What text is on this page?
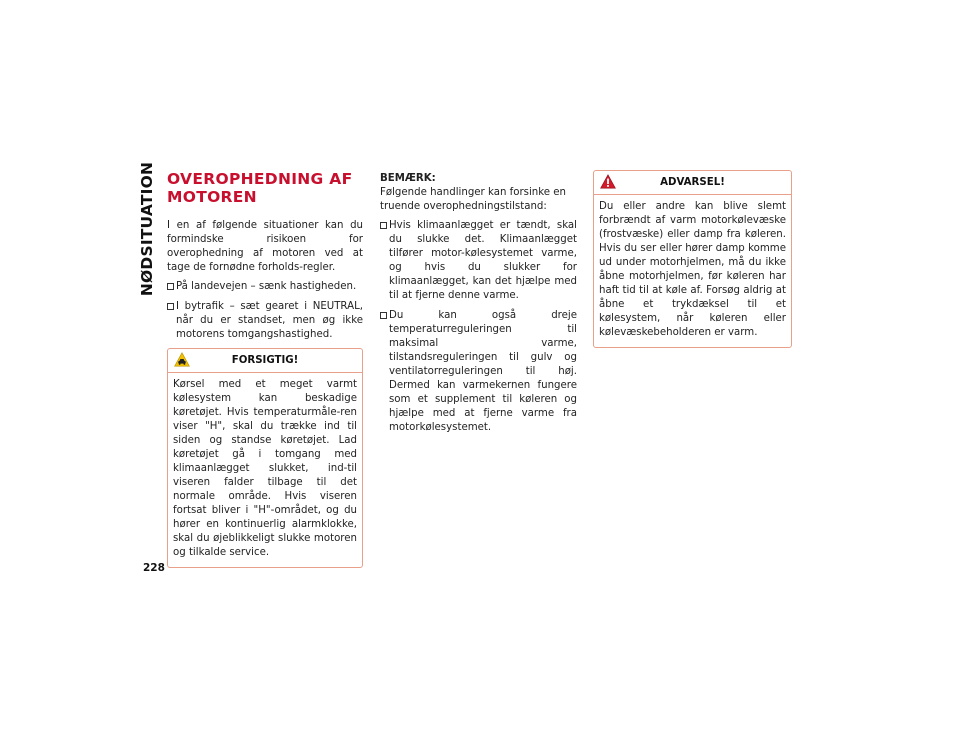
NØDSITUATION
228
OVEROPHEDNING AF MOTOREN

I en af følgende situationer kan du formindske risikoen for overophedning af motoren ved at tage de fornødne forholds-regler.

På landevejen – sænk hastigheden.
I bytrafik – sæt gearet i NEUTRAL, når du er standset, men øg ikke motorens tomgangshastighed.
FORSIGTIG!
Kørsel med et meget varmt kølesystem kan beskadige køretøjet. Hvis temperaturmåle-ren viser "H", skal du trække ind til siden og standse køretøjet. Lad køretøjet gå i tomgang med klimaanlægget slukket, ind-til viseren falder tilbage til det normale område. Hvis viseren fortsat bliver i "H"-området, og du hører en kontinuerlig alarmklokke, skal du øjeblikkeligt slukke motoren og tilkalde service.

BEMÆRK:

Følgende handlinger kan forsinke en truende overophedningstilstand:

Hvis klimaanlægget er tændt, skal du slukke det. Klimaanlægget tilfører motor-kølesystemet varme, og hvis du slukker for klimaanlægget, kan det hjælpe med til at fjerne denne varme.
Du kan også dreje temperaturreguleringen til maksimal varme, tilstandsreguleringen til gulv og ventilatorreguleringen til høj. Dermed kan varmekernen fungere som et supplement til køleren og hjælpe med at fjerne varme fra motorkølesystemet.
ADVARSEL!
Du eller andre kan blive slemt forbrændt af varm motorkølevæske (frostvæske) eller damp fra køleren. Hvis du ser eller hører damp komme ud under motorhjelmen, må du ikke åbne motorhjelmen, før køleren har haft tid til at køle af. Forsøg aldrig at åbne et trykdæksel til et kølesystem, når køleren eller kølevæskebeholderen er varm.
